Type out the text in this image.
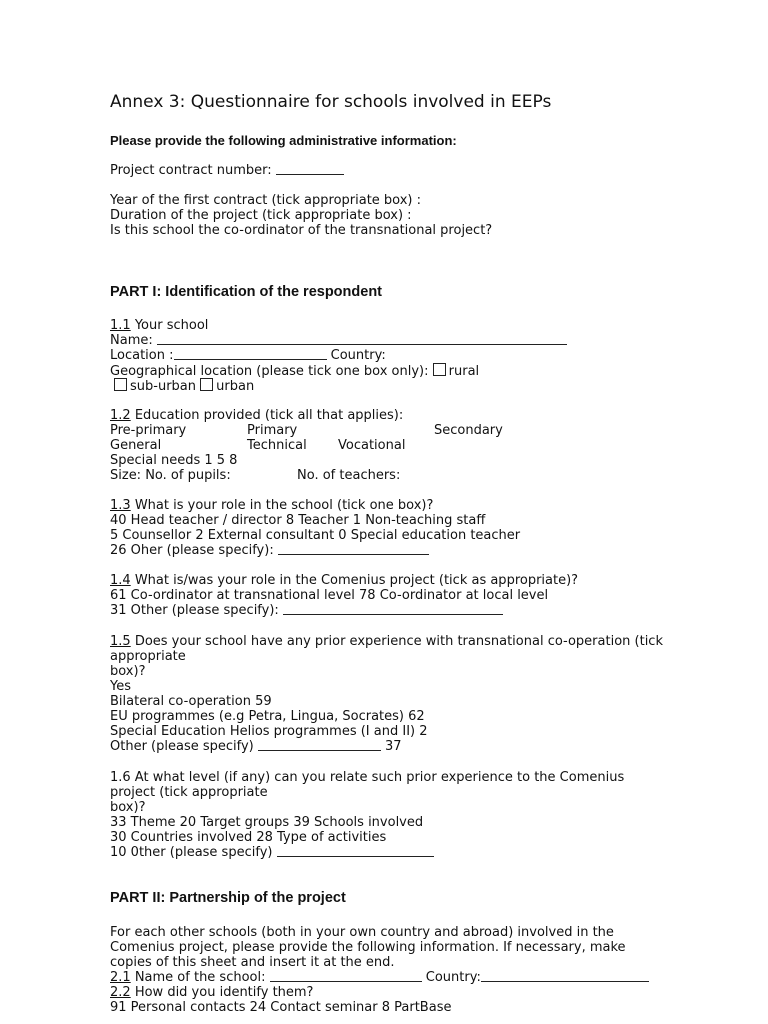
Annex 3: Questionnaire for schools involved in EEPs
Please provide the following administrative information:
Project contract number:
Year of the first contract (tick appropriate box) :
Duration of the project (tick appropriate box) :
Is this school the co-ordinator of the transnational project?
PART I: Identification of the respondent
1.1 Your school
Name:
Location :	Country:
Geographical location (please tick one box only): rural
sub-urban urban
1.2 Education provided (tick all that applies):
Pre-primary	Primary	Secondary
General	Technical Vocational
Special needs 1 5 8
Size: No. of pupils:	No. of teachers:
1.3 What is your role in the school (tick one box)?
40 Head teacher / director 8 Teacher 1 Non-teaching staff
5 Counsellor 2 External consultant 0 Special education teacher
26 Oher (please specify):
1.4 What is/was your role in the Comenius project (tick as appropriate)?
61 Co-ordinator at transnational level 78 Co-ordinator at local level
31 Other (please specify):
1.5 Does your school have any prior experience with transnational co-operation (tick
appropriate
box)?
Yes
Bilateral co-operation 59
EU programmes (e.g Petra, Lingua, Socrates) 62
Special Education Helios programmes (I and II) 2
Other (please specify)	37
1.6 At what level (if any) can you relate such prior experience to the Comenius
project (tick appropriate
box)?
33 Theme 20 Target groups 39 Schools involved
30 Countries involved 28 Type of activities
10 0ther (please specify)
PART II: Partnership of the project
For each other schools (both in your own country and abroad) involved in the
Comenius project, please provide the following information. If necessary, make
copies of this sheet and insert it at the end.
2.1 Name of the school:	Country:
2.2 How did you identify them?
91 Personal contacts 24 Contact seminar 8 PartBase
